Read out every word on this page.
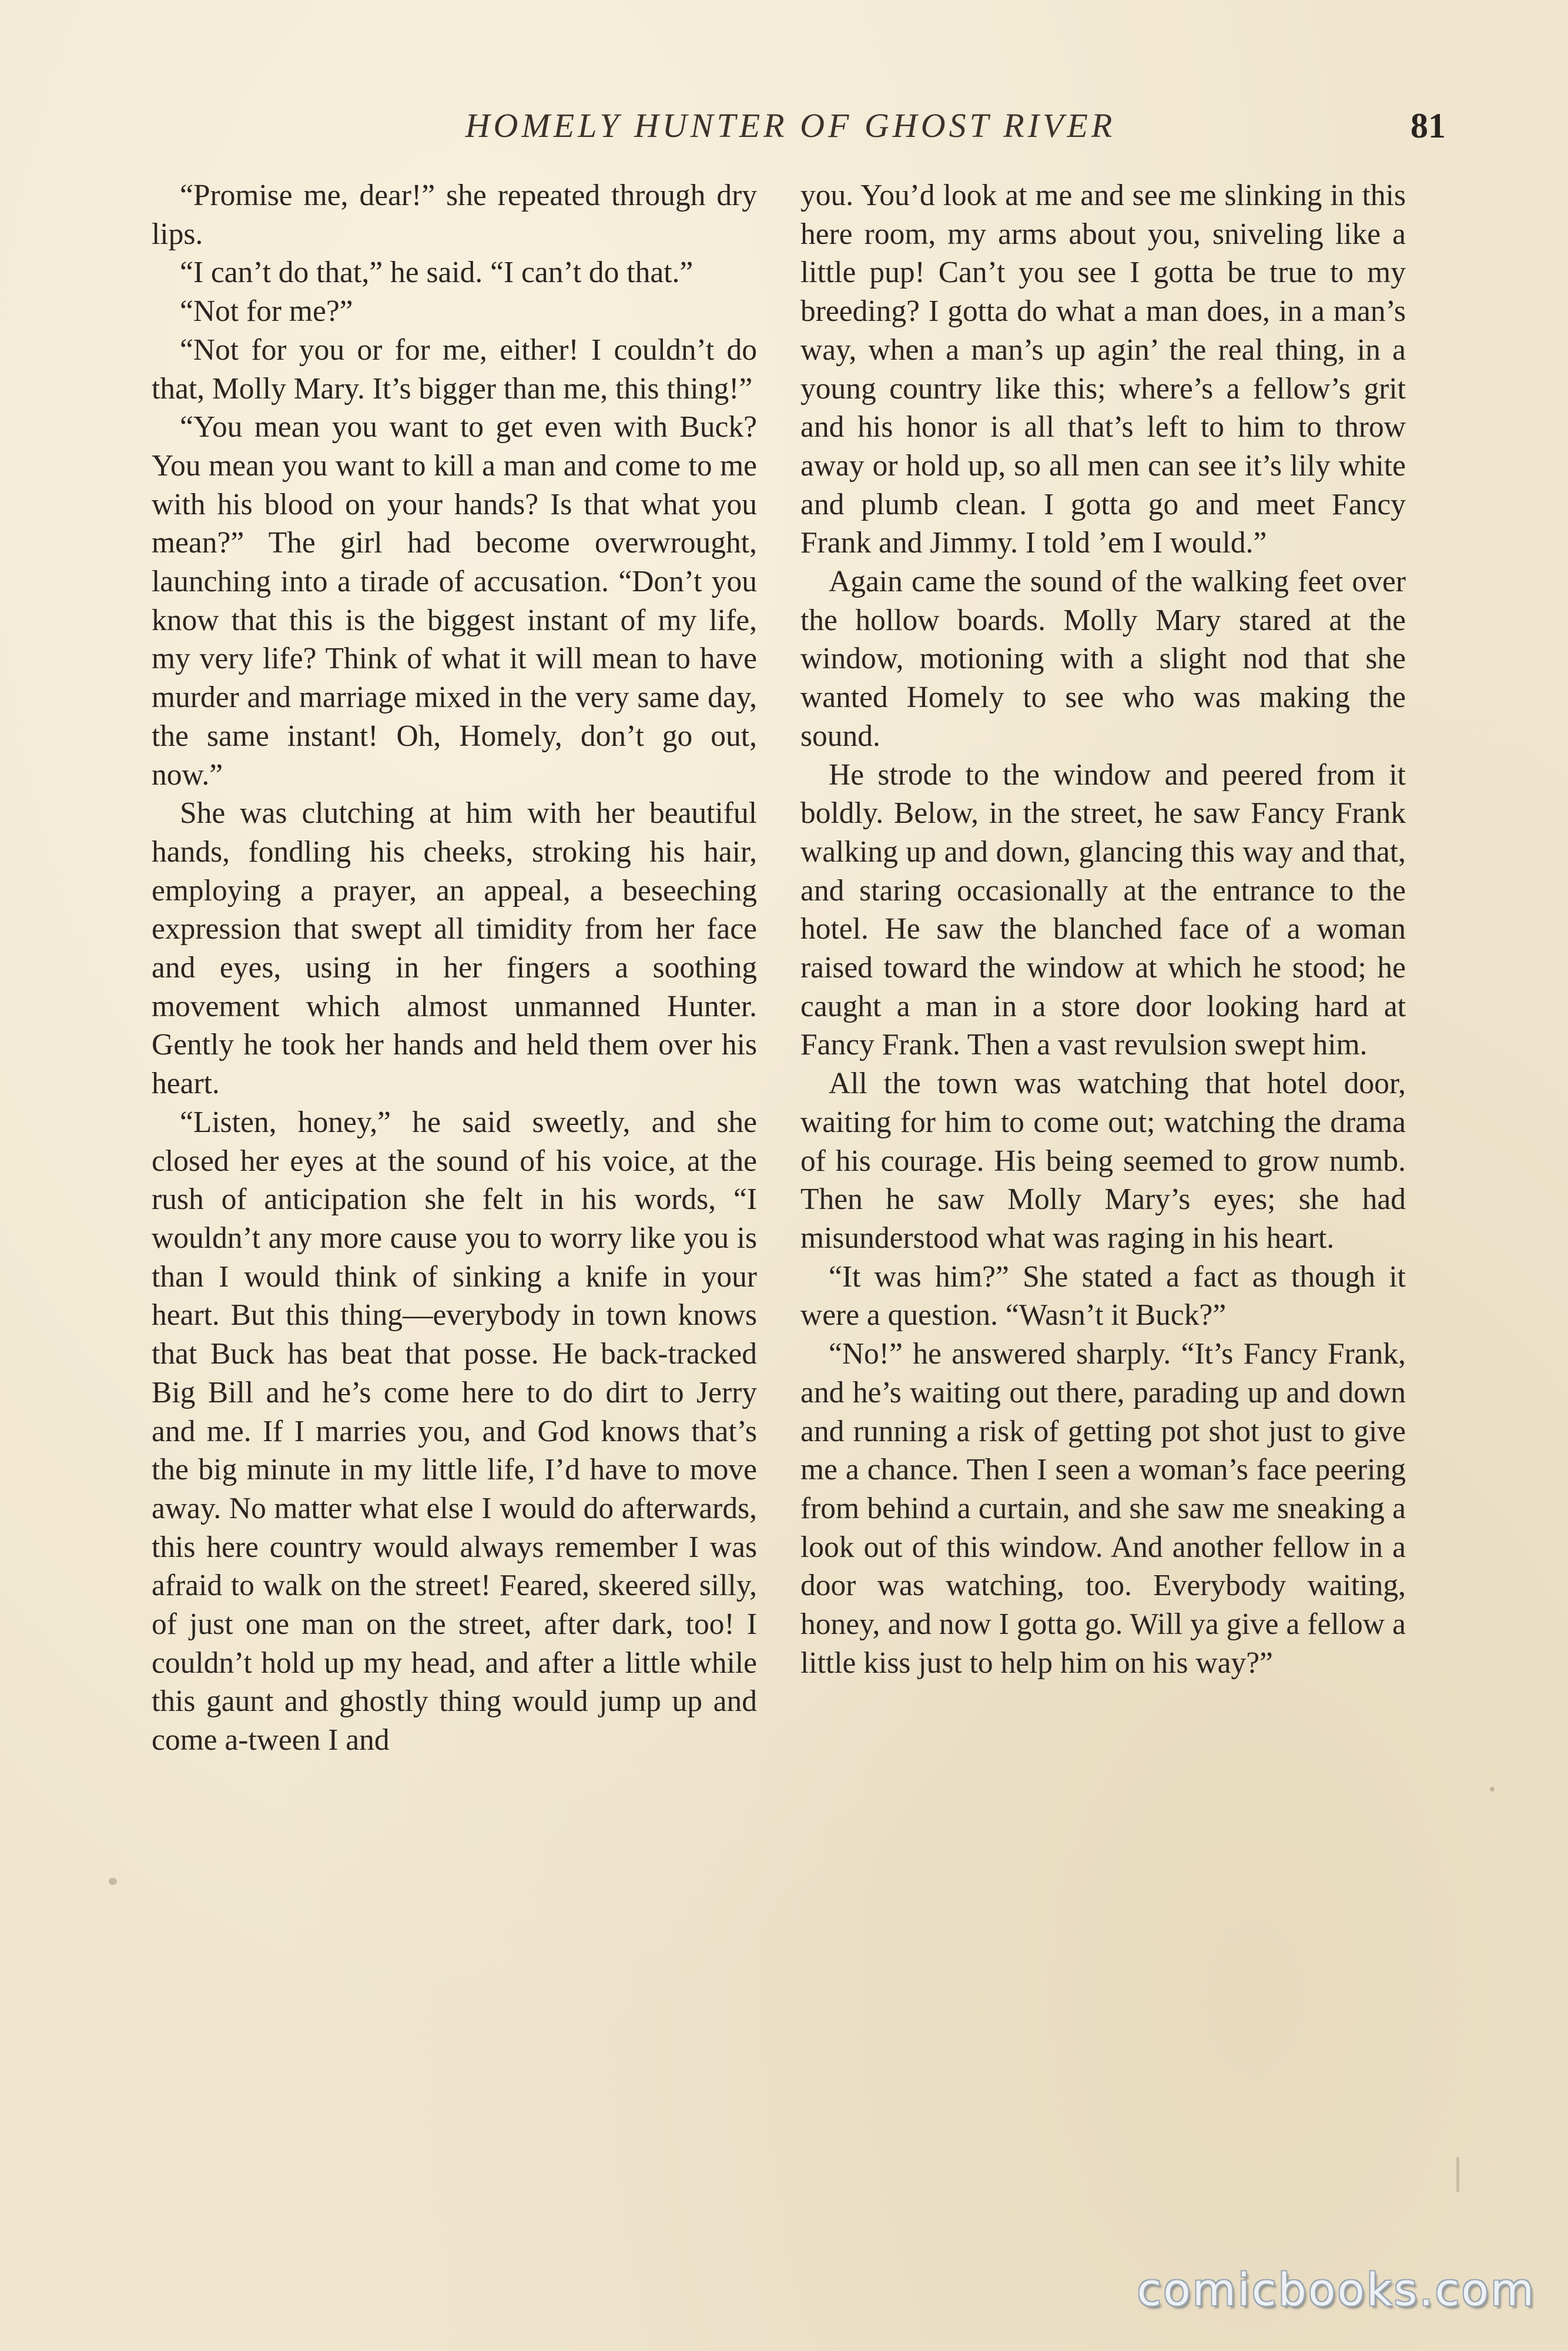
HOMELY HUNTER OF GHOST RIVER	81

“Promise me, dear!” she repeated through dry lips.

“I can’t do that,” he said. “I can’t do that.”

“Not for me?”

“Not for you or for me, either! I couldn’t do that, Molly Mary. It’s bigger than me, this thing!”

“You mean you want to get even with Buck? You mean you want to kill a man and come to me with his blood on your hands? Is that what you mean?” The girl had become overwrought, launching into a tirade of accusation. “Don’t you know that this is the biggest instant of my life, my very life? Think of what it will mean to have murder and marriage mixed in the very same day, the same instant! Oh, Homely, don’t go out, now.”

She was clutching at him with her beautiful hands, fondling his cheeks, stroking his hair, employing a prayer, an appeal, a beseeching expression that swept all timidity from her face and eyes, using in her fingers a soothing movement which almost unmanned Hunter. Gently he took her hands and held them over his heart.

“Listen, honey,” he said sweetly, and she closed her eyes at the sound of his voice, at the rush of anticipation she felt in his words, “I wouldn’t any more cause you to worry like you is than I would think of sinking a knife in your heart. But this thing—everybody in town knows that Buck has beat that posse. He back-tracked Big Bill and he’s come here to do dirt to Jerry and me. If I marries you, and God knows that’s the big minute in my little life, I’d have to move away. No matter what else I would do afterwards, this here country would always remember I was afraid to walk on the street! Feared, skeered silly, of just one man on the street, after dark, too! I couldn’t hold up my head, and after a little while this gaunt and ghostly thing would jump up and come a-tween I and

you. You’d look at me and see me slinking in this here room, my arms about you, sniveling like a little pup! Can’t you see I gotta be true to my breeding? I gotta do what a man does, in a man’s way, when a man’s up agin’ the real thing, in a young country like this; where’s a fellow’s grit and his honor is all that’s left to him to throw away or hold up, so all men can see it’s lily white and plumb clean. I gotta go and meet Fancy Frank and Jimmy. I told ’em I would.”

Again came the sound of the walking feet over the hollow boards. Molly Mary stared at the window, motioning with a slight nod that she wanted Homely to see who was making the sound.

He strode to the window and peered from it boldly. Below, in the street, he saw Fancy Frank walking up and down, glancing this way and that, and staring occasionally at the entrance to the hotel. He saw the blanched face of a woman raised toward the window at which he stood; he caught a man in a store door looking hard at Fancy Frank. Then a vast revulsion swept him.

All the town was watching that hotel door, waiting for him to come out; watching the drama of his courage. His being seemed to grow numb. Then he saw Molly Mary’s eyes; she had misunderstood what was raging in his heart.

“It was him?” She stated a fact as though it were a question. “Wasn’t it Buck?”

“No!” he answered sharply. “It’s Fancy Frank, and he’s waiting out there, parading up and down and running a risk of getting pot shot just to give me a chance. Then I seen a woman’s face peering from behind a curtain, and she saw me sneaking a look out of this window. And another fellow in a door was watching, too. Everybody waiting, honey, and now I gotta go. Will ya give a fellow a little kiss just to help him on his way?”

comicbooks.com
